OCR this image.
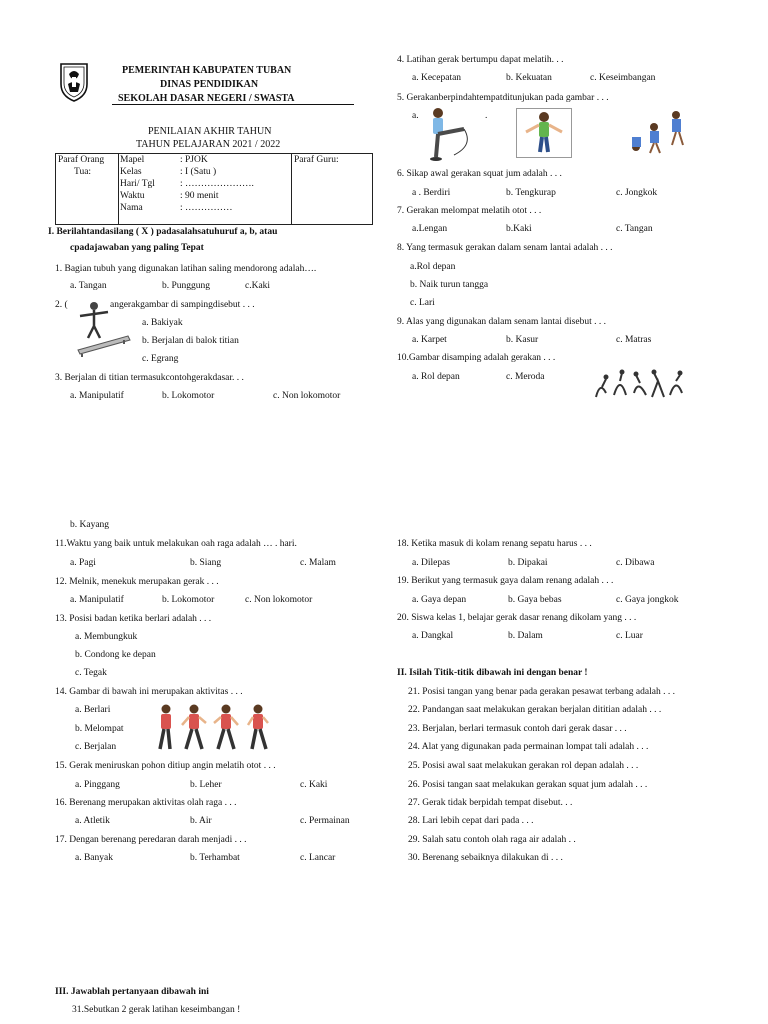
PEMERINTAH KABUPATEN TUBAN
DINAS PENDIDIKAN
SEKOLAH DASAR NEGERI / SWASTA
PENILAIAN AKHIR TAHUN
TAHUN PELAJARAN 2021 / 2022
Paraf Orang
Tua:

Mapel	: PJOK
Kelas	: I (Satu )
Hari/ Tgl	: ………………….
Waktu	: 90 menit
Nama	: ……………
	Paraf Guru:
I. Berilahtandasilang ( X ) padasalahsatuhuruf a, b, atau
cpadajawaban yang paling Tepat
1. Bagian tubuh yang digunakan latihan saling mendorong adalah….
a. Tangan	b. Punggung	c.Kaki
2. (	angerakgambar di sampingdisebut . . .
a. Bakiyak
b. Berjalan di balok titian
c. Egrang
3. Berjalan di titian termasukcontohgerakdasar. . .
a. Manipulatif	b. Lokomotor	c. Non lokomotor
4. Latihan gerak bertumpu dapat melatih. . .
a. Kecepatan	b. Kekuatan	c. Keseimbangan
5. Gerakanberpindahtempatditunjukan pada gambar . . .
a.	.
6. Sikap awal gerakan squat jum adalah . . .
a . Berdiri	b. Tengkurap	c. Jongkok
7. Gerakan melompat melatih otot . . .
a.Lengan	b.Kaki	c. Tangan
8. Yang termasuk gerakan dalam senam lantai adalah . . .
a.Rol depan
b. Naik turun tangga
c. Lari
9. Alas yang digunakan dalam senam lantai disebut . . .
a. Karpet	b. Kasur	c. Matras
10.Gambar disamping adalah gerakan . . .
a. Rol depan	c. Meroda
b. Kayang
11.Waktu yang baik untuk melakukan oah raga adalah … . hari.
a. Pagi	b. Siang	c. Malam
12. Melnik, menekuk merupakan gerak . . .
a. Manipulatif	b. Lokomotor	c. Non lokomotor
13. Posisi badan ketika berlari adalah . . .
a. Membungkuk
b. Condong ke depan
c. Tegak
14. Gambar di bawah ini merupakan aktivitas . . .
a. Berlari
b. Melompat
c. Berjalan
15. Gerak meniruskan pohon ditiup angin melatih otot . . .
a. Pinggang	b. Leher	c. Kaki
16. Berenang merupakan aktivitas olah raga . . .
a. Atletik	b. Air	c. Permainan
17. Dengan berenang peredaran darah menjadi . . .
a. Banyak	b. Terhambat	c. Lancar
18. Ketika masuk di kolam renang sepatu harus . . .
a. Dilepas	b. Dipakai	c. Dibawa
19. Berikut yang termasuk gaya dalam renang adalah . . .
a. Gaya depan	b. Gaya bebas	c. Gaya jongkok
20. Siswa kelas 1, belajar gerak dasar renang dikolam yang . . .
a. Dangkal	b. Dalam	c. Luar
II. Isilah Titik-titik dibawah ini dengan benar !
21. Posisi tangan yang benar pada gerakan pesawat terbang adalah . . .
22. Pandangan saat melakukan gerakan berjalan dititian adalah . . .
23. Berjalan, berlari termasuk contoh dari gerak dasar . . .
24. Alat yang digunakan pada permainan lompat tali adalah . . .
25. Posisi awal saat melakukan gerakan rol depan adalah . . .
26. Posisi tangan saat melakukan gerakan squat jum adalah . . .
27. Gerak tidak berpidah tempat disebut. . .
28. Lari lebih cepat dari pada . . .
29. Salah satu contoh olah raga air adalah . .
30. Berenang sebaiknya dilakukan di . . .
III. Jawablah pertanyaan dibawah ini
31.Sebutkan 2 gerak latihan keseimbangan !
